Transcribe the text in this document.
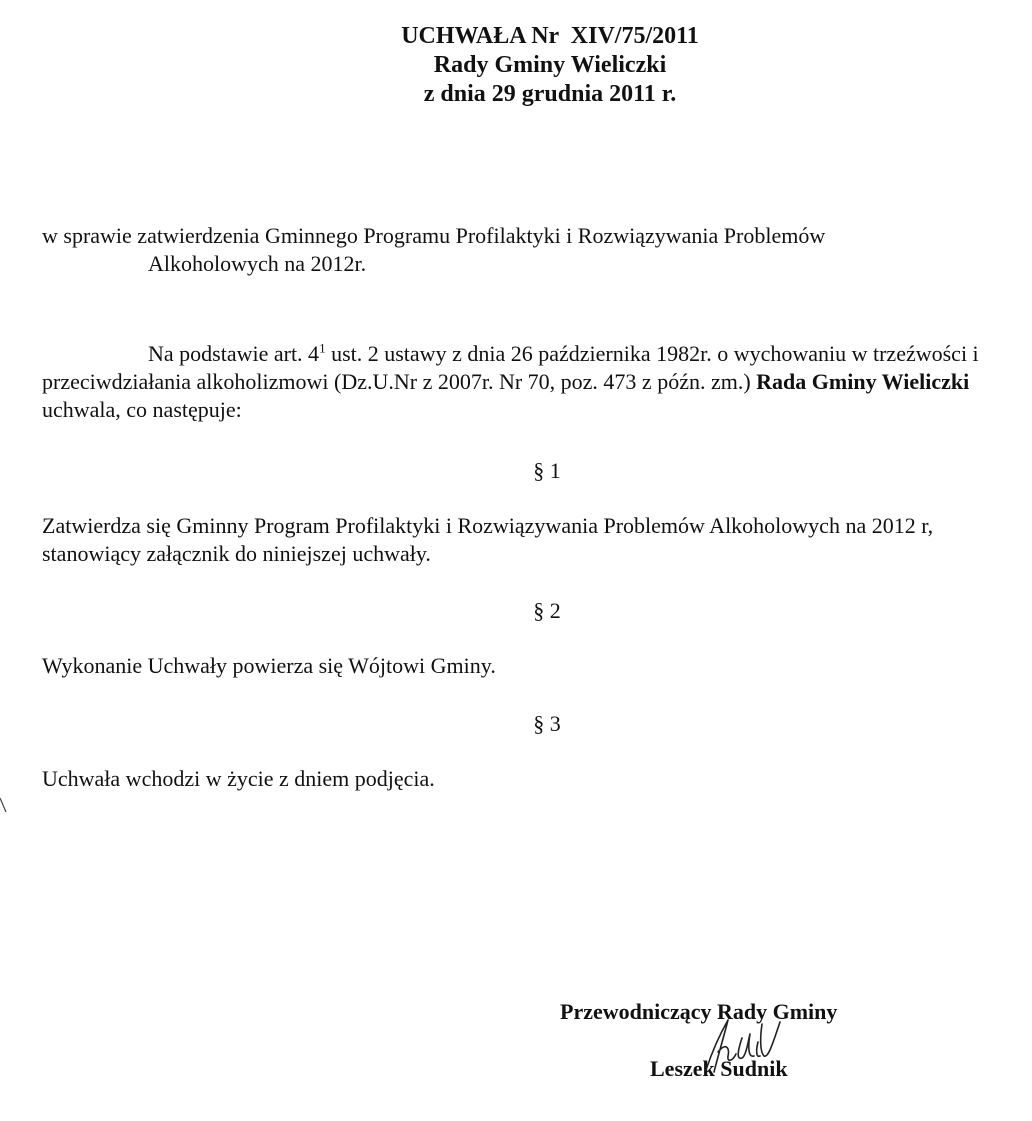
UCHWAŁA Nr  XIV/75/2011
Rady Gminy Wieliczki
z dnia 29 grudnia 2011 r.
w sprawie zatwierdzenia Gminnego Programu Profilaktyki i Rozwiązywania Problemów
Alkoholowych na 2012r.
Na podstawie art. $4^1$ ust. 2 ustawy z dnia 26 października 1982r. o wychowaniu w trzeźwości i przeciwdziałania alkoholizmowi (Dz.U.Nr z 2007r. Nr 70, poz. 473 z późn. zm.) Rada Gminy Wieliczki uchwala, co następuje:
§ 1
Zatwierdza się Gminny Program Profilaktyki i Rozwiązywania Problemów Alkoholowych na 2012 r, stanowiący załącznik do niniejszej uchwały.
§ 2
Wykonanie Uchwały powierza się Wójtowi Gminy.
§ 3
Uchwała wchodzi w życie z dniem podjęcia.
Przewodniczący Rady Gminy
Leszek Sudnik
